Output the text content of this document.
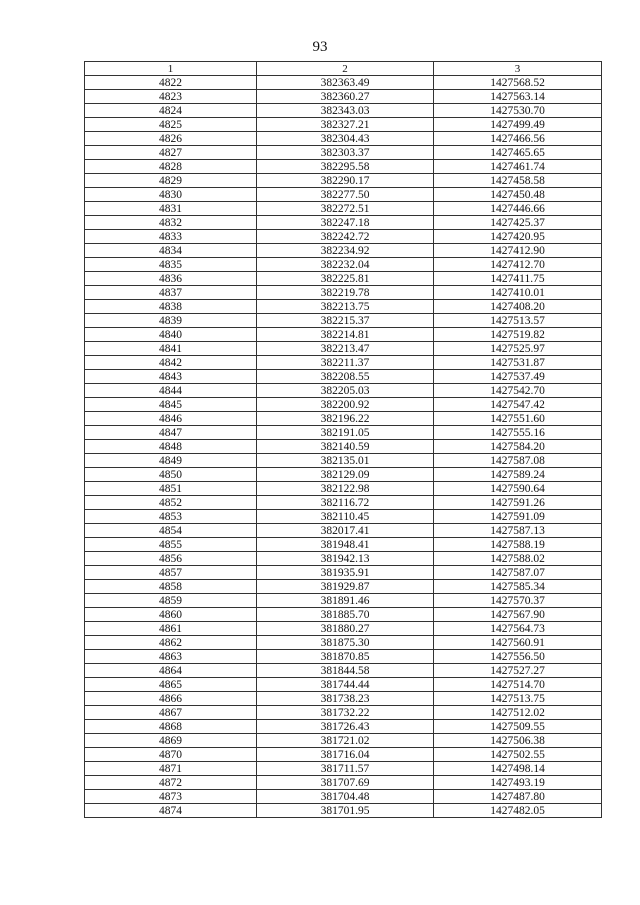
93
1	2	3
4822	382363.49	1427568.52
4823	382360.27	1427563.14
4824	382343.03	1427530.70
4825	382327.21	1427499.49
4826	382304.43	1427466.56
4827	382303.37	1427465.65
4828	382295.58	1427461.74
4829	382290.17	1427458.58
4830	382277.50	1427450.48
4831	382272.51	1427446.66
4832	382247.18	1427425.37
4833	382242.72	1427420.95
4834	382234.92	1427412.90
4835	382232.04	1427412.70
4836	382225.81	1427411.75
4837	382219.78	1427410.01
4838	382213.75	1427408.20
4839	382215.37	1427513.57
4840	382214.81	1427519.82
4841	382213.47	1427525.97
4842	382211.37	1427531.87
4843	382208.55	1427537.49
4844	382205.03	1427542.70
4845	382200.92	1427547.42
4846	382196.22	1427551.60
4847	382191.05	1427555.16
4848	382140.59	1427584.20
4849	382135.01	1427587.08
4850	382129.09	1427589.24
4851	382122.98	1427590.64
4852	382116.72	1427591.26
4853	382110.45	1427591.09
4854	382017.41	1427587.13
4855	381948.41	1427588.19
4856	381942.13	1427588.02
4857	381935.91	1427587.07
4858	381929.87	1427585.34
4859	381891.46	1427570.37
4860	381885.70	1427567.90
4861	381880.27	1427564.73
4862	381875.30	1427560.91
4863	381870.85	1427556.50
4864	381844.58	1427527.27
4865	381744.44	1427514.70
4866	381738.23	1427513.75
4867	381732.22	1427512.02
4868	381726.43	1427509.55
4869	381721.02	1427506.38
4870	381716.04	1427502.55
4871	381711.57	1427498.14
4872	381707.69	1427493.19
4873	381704.48	1427487.80
4874	381701.95	1427482.05
